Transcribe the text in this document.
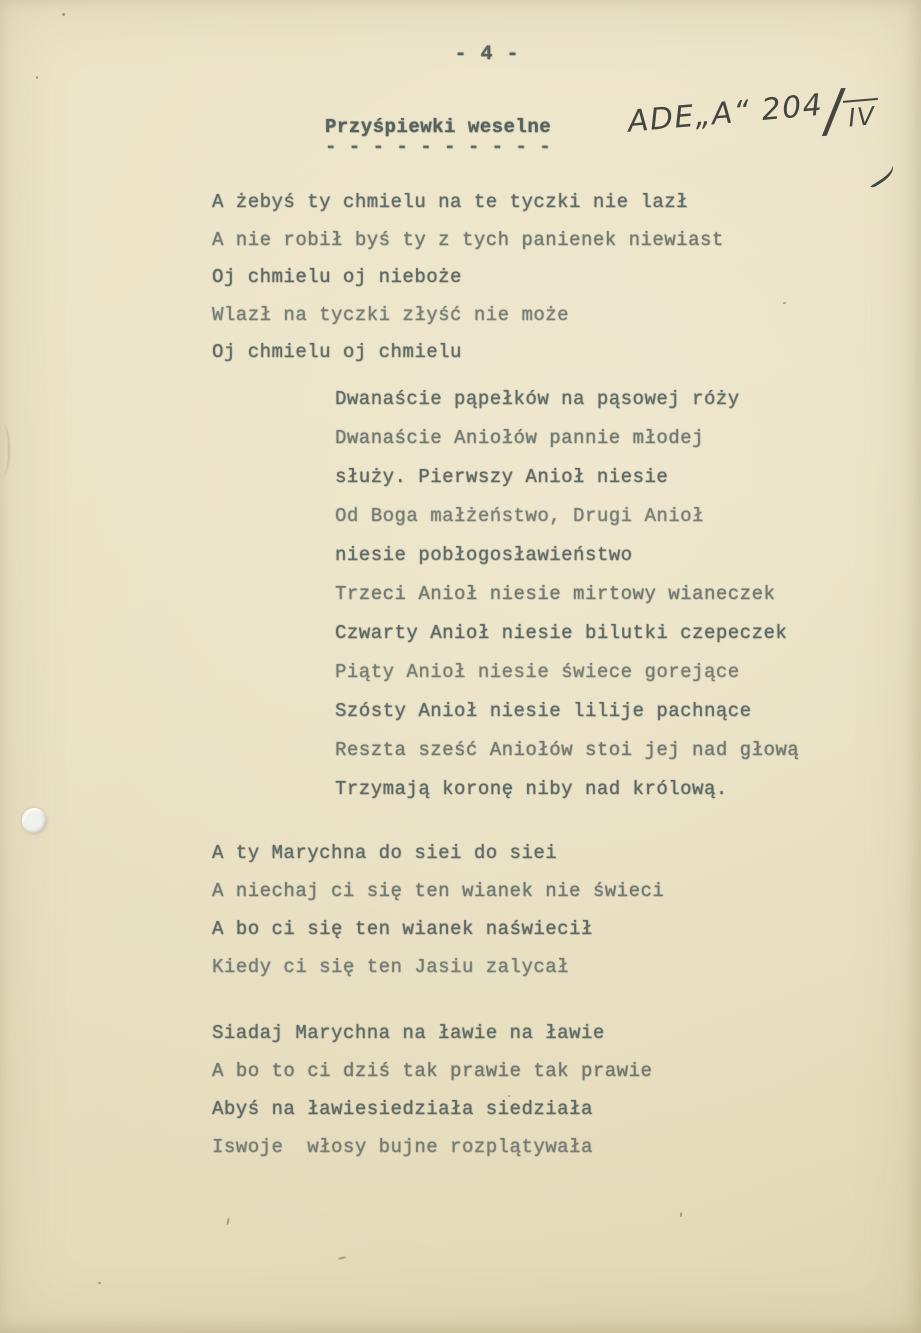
- 4 -
ADE„A“ 204/IV
Przyśpiewki weselne
- - - - - - - - - -
A żebyś ty chmielu na te tyczki nie lazł
A nie robił byś ty z tych panienek niewiast
Oj chmielu oj nieboże
Wlazł na tyczki złyść nie może
Oj chmielu oj chmielu
Dwanaście pąpełków na pąsowej róży
Dwanaście Aniołów pannie młodej
służy. Pierwszy Anioł niesie
Od Boga małżeństwo, Drugi Anioł
niesie pobłogosławieństwo
Trzeci Anioł niesie mirtowy wianeczek
Czwarty Anioł niesie bilutki czepeczek
Piąty Anioł niesie świece gorejące
Szósty Anioł niesie lilije pachnące
Reszta sześć Aniołów stoi jej nad głową
Trzymają koronę niby nad królową.
A ty Marychna do siei do siei
A niechaj ci się ten wianek nie świeci
A bo ci się ten wianek naświecił
Kiedy ci się ten Jasiu zalycał
Siadaj Marychna na ławie na ławie
A bo to ci dziś tak prawie tak prawie
Abyś na ławiesiedziała siedziała
Iswoje  włosy bujne rozplątywała
